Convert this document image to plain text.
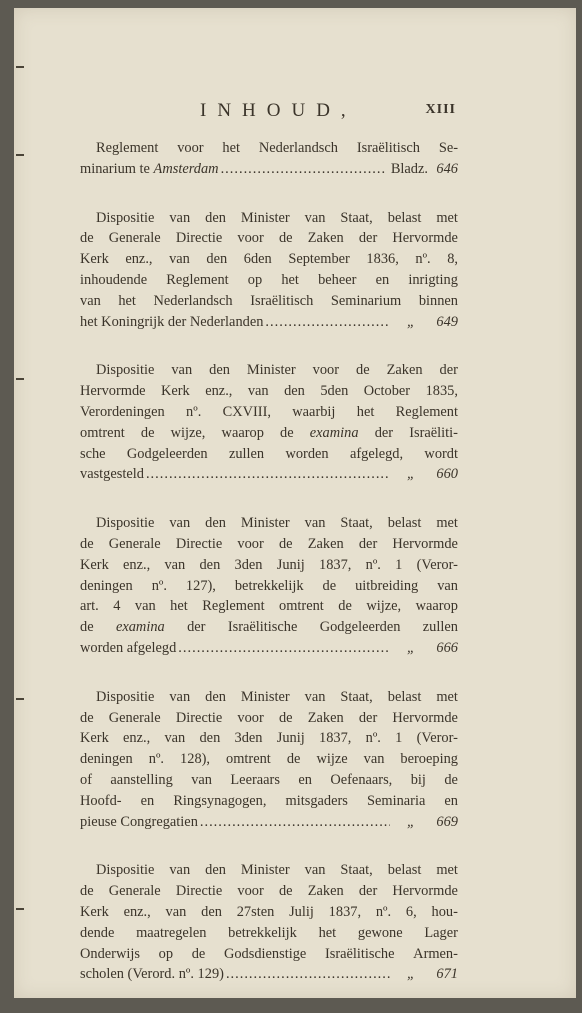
INHOUD,	XIII
Reglement voor het Nederlandsch Israëlitisch Se-
minarium te Amsterdam .....	Bladz. 646
Dispositie van den Minister van Staat, belast met
de Generale Directie voor de Zaken der Hervormde
Kerk enz., van den 6den September 1836, nº. 8,
inhoudende Reglement op het beheer en inrigting
van het Nederlandsch Israëlitisch Seminarium binnen
het Koningrijk der Nederlanden .....	„ 649
Dispositie van den Minister voor de Zaken der
Hervormde Kerk enz., van den 5den October 1835,
Verordeningen nº. CXVIII, waarbij het Reglement
omtrent de wijze, waarop de examina der Israëliti-
sche Godgeleerden zullen worden afgelegd, wordt
vastgesteld .....	„ 660
Dispositie van den Minister van Staat, belast met
de Generale Directie voor de Zaken der Hervormde
Kerk enz., van den 3den Junij 1837, nº. 1 (Veror-
deningen nº. 127), betrekkelijk de uitbreiding van
art. 4 van het Reglement omtrent de wijze, waarop
de examina der Israëlitische Godgeleerden zullen
worden afgelegd .....	„ 666
Dispositie van den Minister van Staat, belast met
de Generale Directie voor de Zaken der Hervormde
Kerk enz., van den 3den Junij 1837, nº. 1 (Veror-
deningen nº. 128), omtrent de wijze van beroeping
of aanstelling van Leeraars en Oefenaars, bij de
Hoofd- en Ringsynagogen, mitsgaders Seminaria en
pieuse Congregatien .....	„ 669
Dispositie van den Minister van Staat, belast met
de Generale Directie voor de Zaken der Hervormde
Kerk enz., van den 27sten Julij 1837, nº. 6, hou-
dende maatregelen betrekkelijk het gewone Lager
Onderwijs op de Godsdienstige Israëlitische Armen-
scholen (Verord. nº. 129) .....	„ 671
